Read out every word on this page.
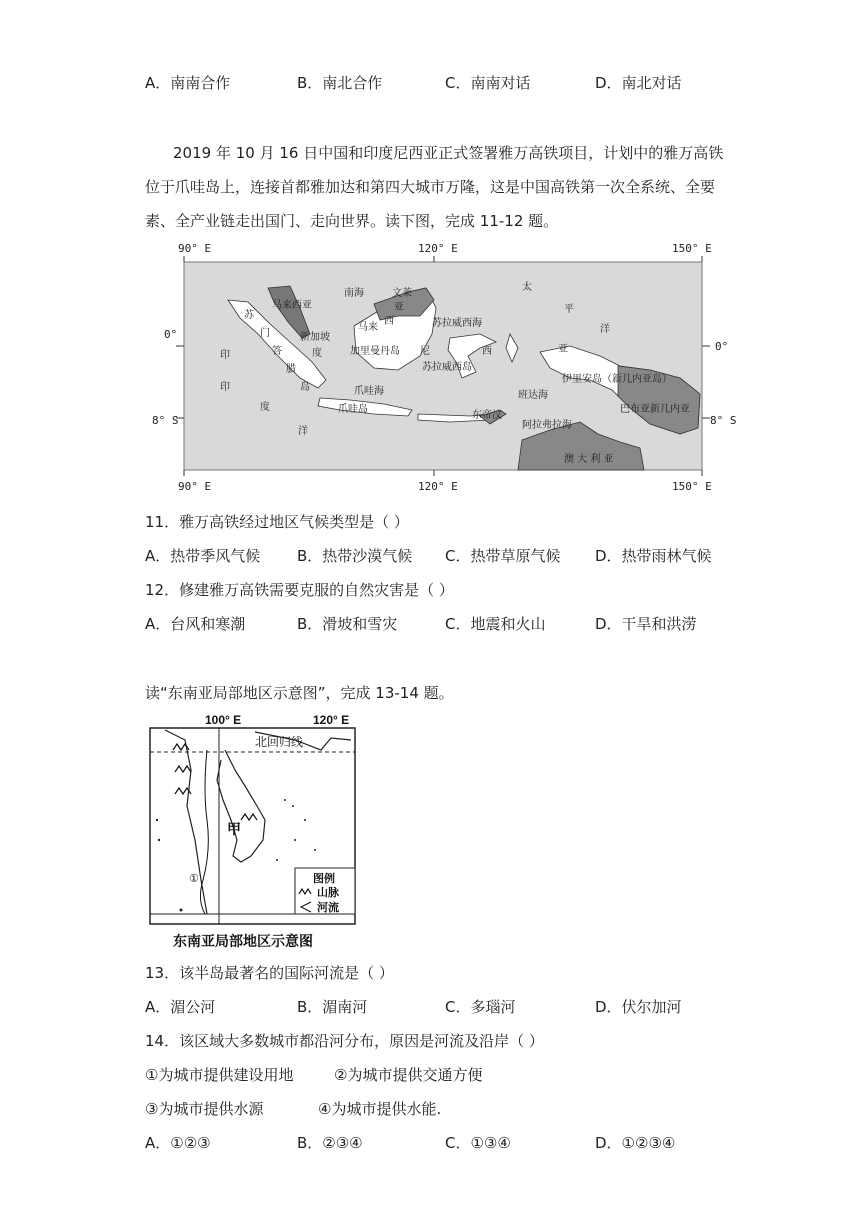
A．南南合作	B．南北合作	C．南南对话	D．南北对话
2019 年 10 月 16 日中国和印度尼西亚正式签署雅万高铁项目，计划中的雅万高铁
位于爪哇岛上，连接首都雅加达和第四大城市万隆，这是中国高铁第一次全系统、全要
素、全产业链走出国门、走向世界。读下图，完成 11-12 题。
90° E	120° E	150° E
90° E	120° E	150° E
0°
8° S
0°
8° S
马来西亚
南海	文莱
亚
西
马来
新加坡
苏
门
答
腊
岛
度	加里曼丹岛 尼
苏拉威西海
苏拉威西岛
西	亚
爪哇海
爪哇岛
班达海
东帝汶
阿拉弗拉海
伊里安岛（新几内亚岛）
巴布亚新几内亚
太
平
洋
印
印
度
洋
澳 大 利 亚
11．雅万高铁经过地区气候类型是（ ）
A．热带季风气候 B．热带沙漠气候 C．热带草原气候 D．热带雨林气候
12．修建雅万高铁需要克服的自然灾害是（ ）
A．台风和寒潮	B．滑坡和雪灾	C．地震和火山	D．干旱和洪涝
读“东南亚局部地区示意图”，完成 13-14 题。
100° E	120° E
北回归线
甲
①	图例
山脉
河流
东南亚局部地区示意图
13．该半岛最著名的国际河流是（ ）
A．湄公河	B．湄南河	C．多瑙河	D．伏尔加河
14．该区域大多数城市都沿河分布，原因是河流及沿岸（ ）
①为城市提供建设用地	②为城市提供交通方便
③为城市提供水源	④为城市提供水能.
A．①②③	B．②③④	C．①③④	D．①②③④
